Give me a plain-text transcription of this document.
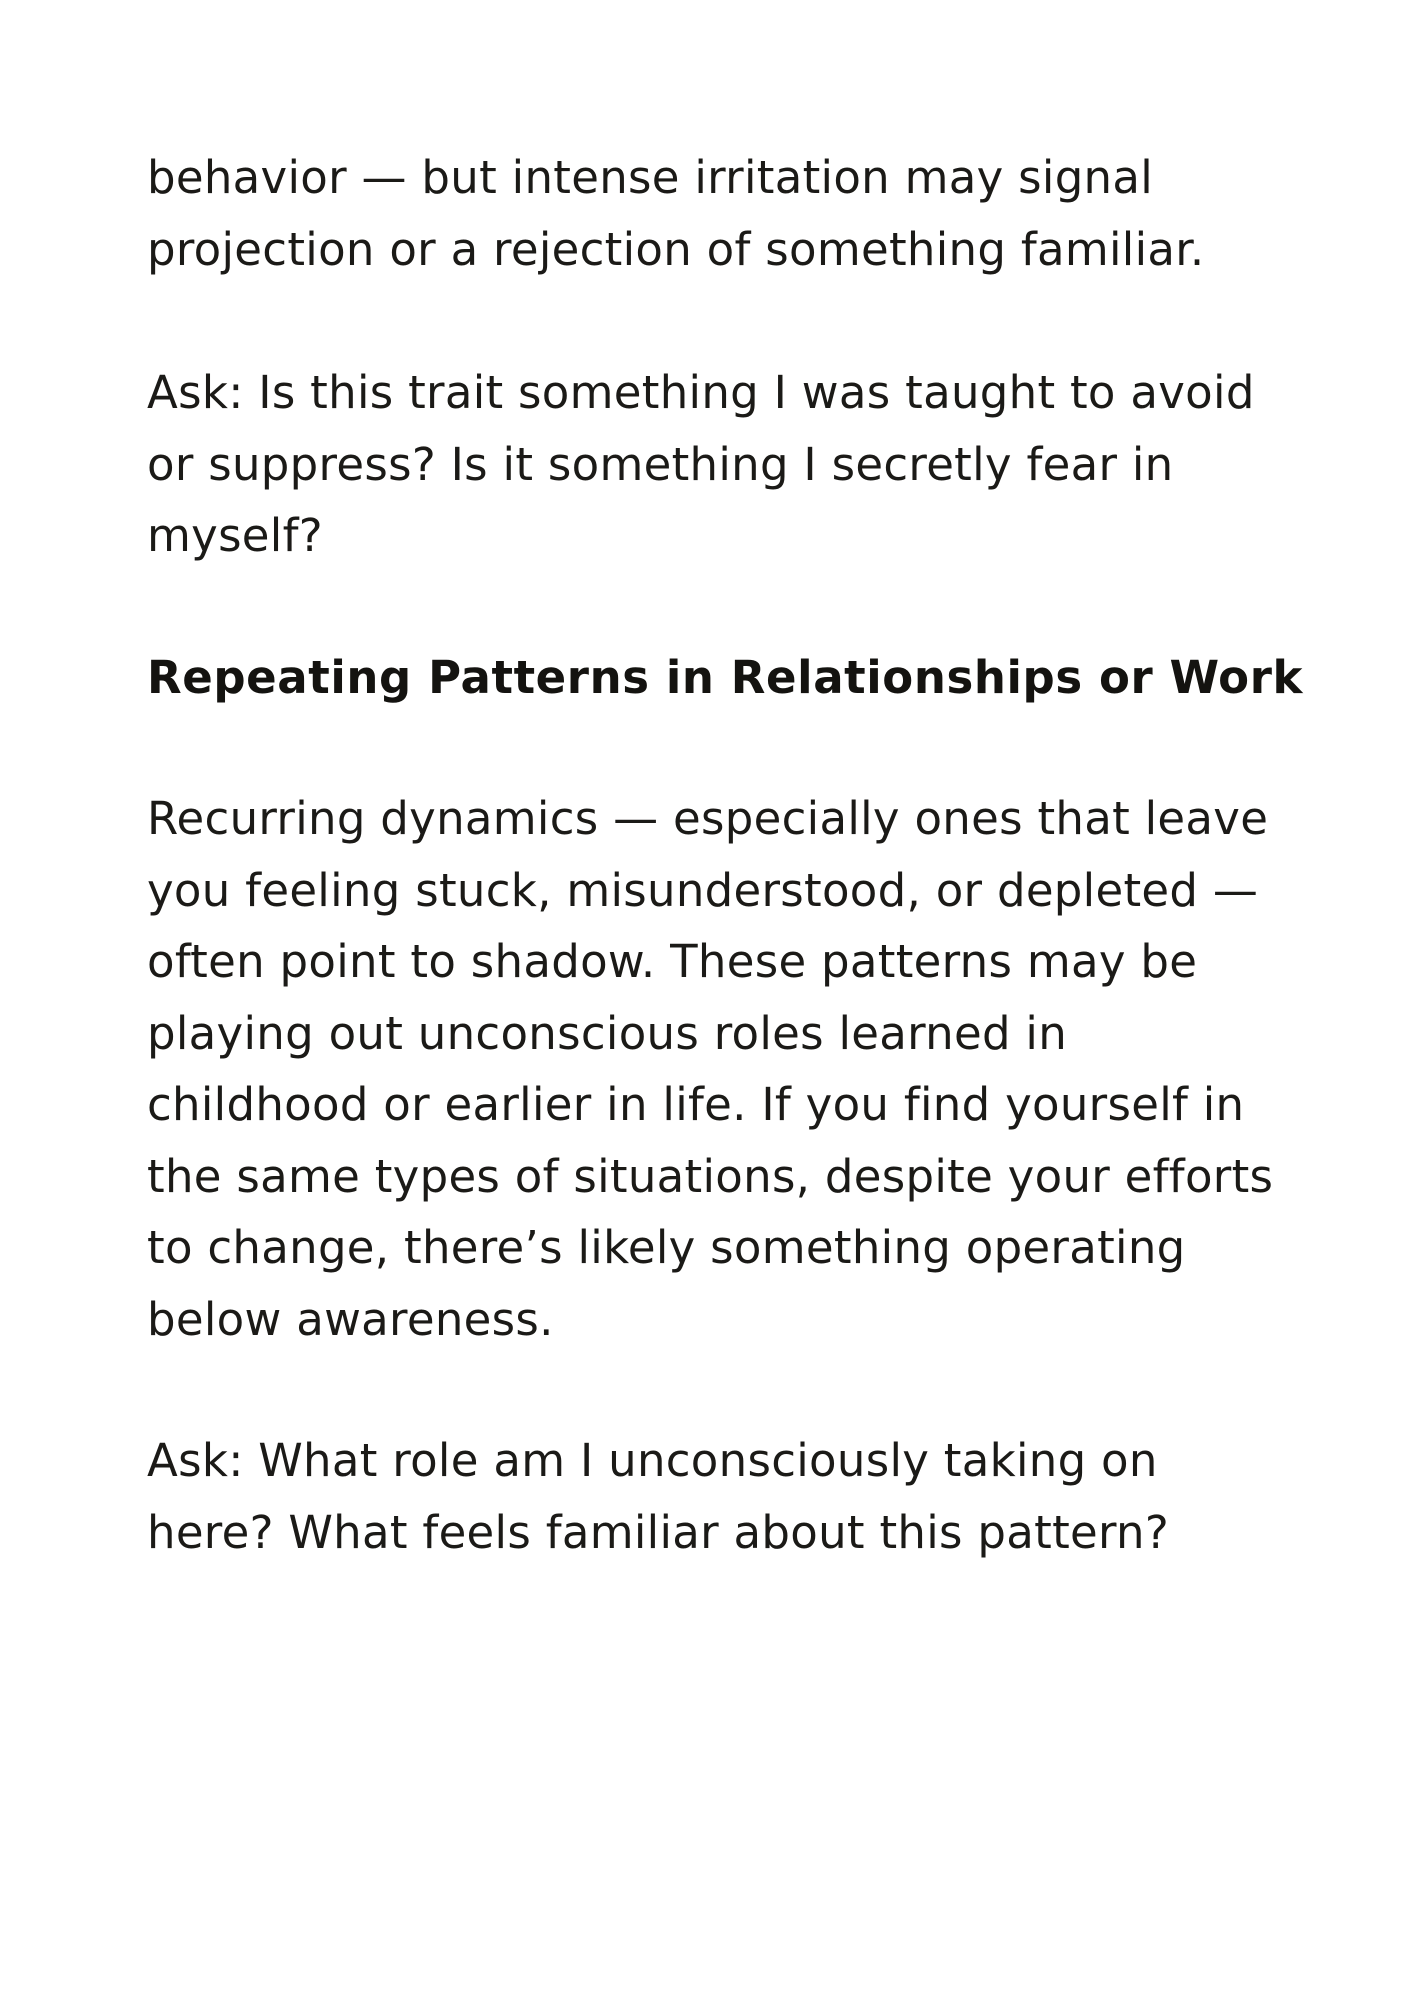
behavior — but intense irritation may signal
projection or a rejection of something familiar.

Ask: Is this trait something I was taught to avoid
or suppress? Is it something I secretly fear in
myself?

Repeating Patterns in Relationships or Work

Recurring dynamics — especially ones that leave
you feeling stuck, misunderstood, or depleted —
often point to shadow. These patterns may be
playing out unconscious roles learned in
childhood or earlier in life. If you find yourself in
the same types of situations, despite your efforts
to change, there’s likely something operating
below awareness.

Ask: What role am I unconsciously taking on
here? What feels familiar about this pattern?
